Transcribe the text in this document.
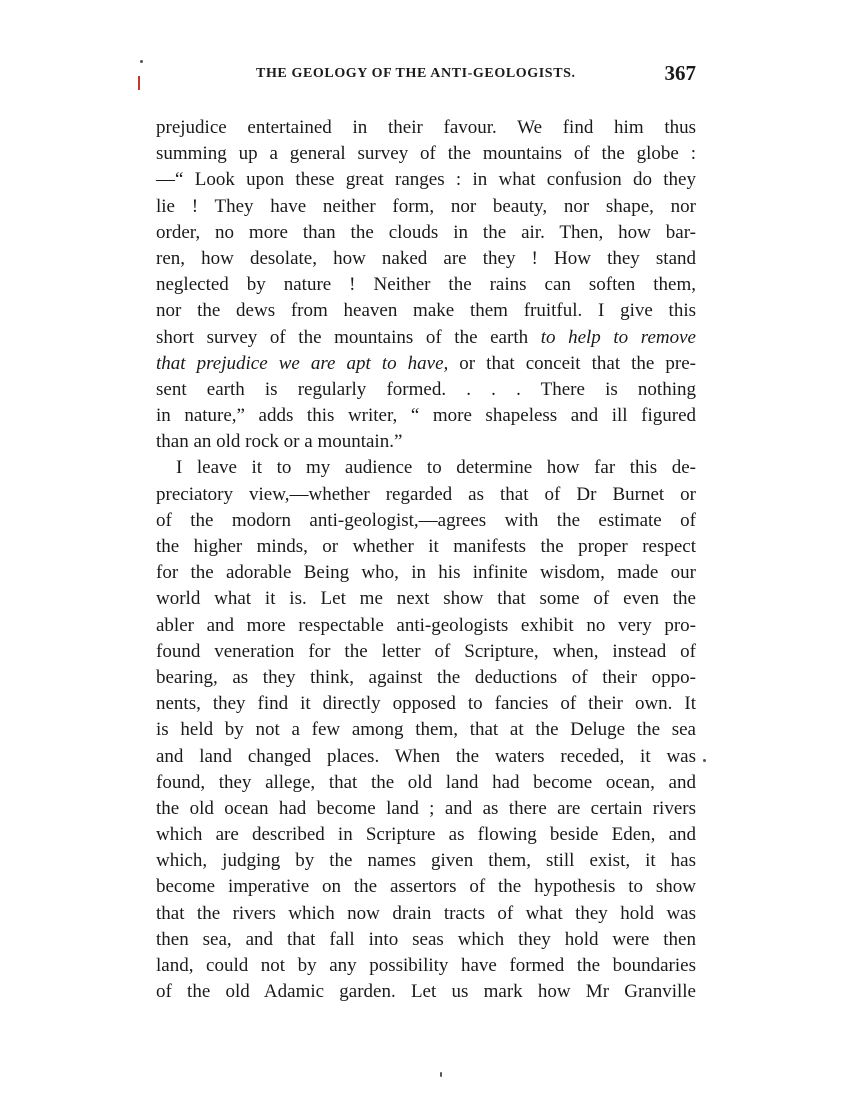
THE GEOLOGY OF THE ANTI-GEOLOGISTS.	367
prejudice entertained in their favour. We find him thus
summing up a general survey of the mountains of the globe :
—“ Look upon these great ranges : in what confusion do they
lie ! They have neither form, nor beauty, nor shape, nor
order, no more than the clouds in the air. Then, how bar-
ren, how desolate, how naked are they ! How they stand
neglected by nature ! Neither the rains can soften them,
nor the dews from heaven make them fruitful. I give this
short survey of the mountains of the earth to help to remove
that prejudice we are apt to have, or that conceit that the pre-
sent earth is regularly formed. . . . There is nothing
in nature,” adds this writer, “ more shapeless and ill figured
than an old rock or a mountain.”
I leave it to my audience to determine how far this de-
preciatory view,—whether regarded as that of Dr Burnet or
of the modorn anti-geologist,—agrees with the estimate of
the higher minds, or whether it manifests the proper respect
for the adorable Being who, in his infinite wisdom, made our
world what it is. Let me next show that some of even the
abler and more respectable anti-geologists exhibit no very pro-
found veneration for the letter of Scripture, when, instead of
bearing, as they think, against the deductions of their oppo-
nents, they find it directly opposed to fancies of their own. It
is held by not a few among them, that at the Deluge the sea
and land changed places. When the waters receded, it was
found, they allege, that the old land had become ocean, and
the old ocean had become land ; and as there are certain rivers
which are described in Scripture as flowing beside Eden, and
which, judging by the names given them, still exist, it has
become imperative on the assertors of the hypothesis to show
that the rivers which now drain tracts of what they hold was
then sea, and that fall into seas which they hold were then
land, could not by any possibility have formed the boundaries
of the old Adamic garden. Let us mark how Mr Granville
